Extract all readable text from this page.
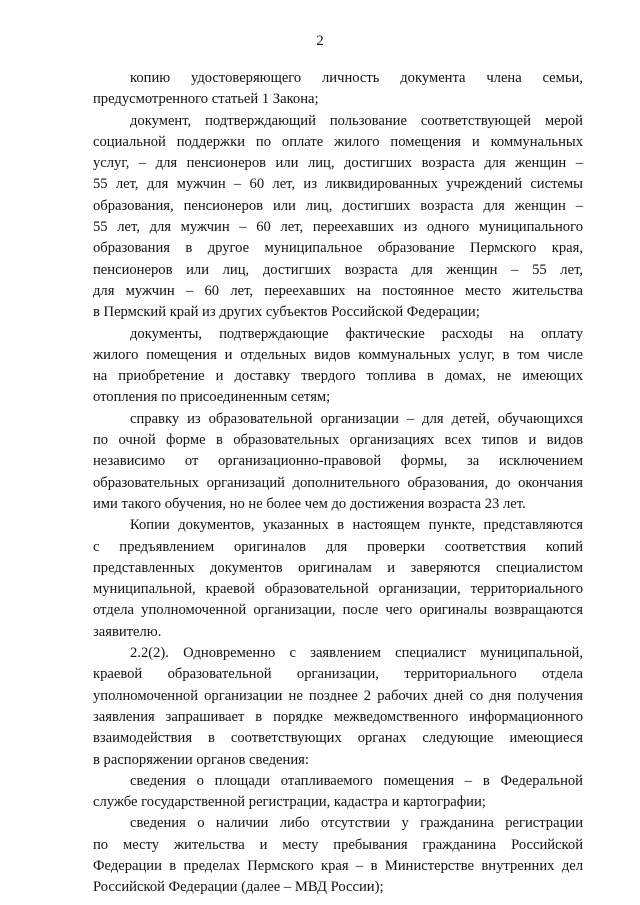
2

копию удостоверяющего личность документа члена семьи,
предусмотренного статьей 1 Закона;

документ, подтверждающий пользование соответствующей мерой
социальной поддержки по оплате жилого помещения и коммунальных
услуг, – для пенсионеров или лиц, достигших возраста для женщин –
55 лет, для мужчин – 60 лет, из ликвидированных учреждений системы
образования, пенсионеров или лиц, достигших возраста для женщин –
55 лет, для мужчин – 60 лет, переехавших из одного муниципального
образования в другое муниципальное образование Пермского края,
пенсионеров или лиц, достигших возраста для женщин – 55 лет,
для мужчин – 60 лет, переехавших на постоянное место жительства
в Пермский край из других субъектов Российской Федерации;

документы, подтверждающие фактические расходы на оплату
жилого помещения и отдельных видов коммунальных услуг, в том числе
на приобретение и доставку твердого топлива в домах, не имеющих
отопления по присоединенным сетям;

справку из образовательной организации – для детей, обучающихся
по очной форме в образовательных организациях всех типов и видов
независимо от организационно-правовой формы, за исключением
образовательных организаций дополнительного образования, до окончания
ими такого обучения, но не более чем до достижения возраста 23 лет.

Копии документов, указанных в настоящем пункте, представляются
с предъявлением оригиналов для проверки соответствия копий
представленных документов оригиналам и заверяются специалистом
муниципальной, краевой образовательной организации, территориального
отдела уполномоченной организации, после чего оригиналы возвращаются
заявителю.

2.2(2). Одновременно с заявлением специалист муниципальной,
краевой образовательной организации, территориального отдела
уполномоченной организации не позднее 2 рабочих дней со дня получения
заявления запрашивает в порядке межведомственного информационного
взаимодействия в соответствующих органах следующие имеющиеся
в распоряжении органов сведения:

сведения о площади отапливаемого помещения – в Федеральной
службе государственной регистрации, кадастра и картографии;

сведения о наличии либо отсутствии у гражданина регистрации
по месту жительства и месту пребывания гражданина Российской
Федерации в пределах Пермского края – в Министерстве внутренних дел
Российской Федерации (далее – МВД России);
